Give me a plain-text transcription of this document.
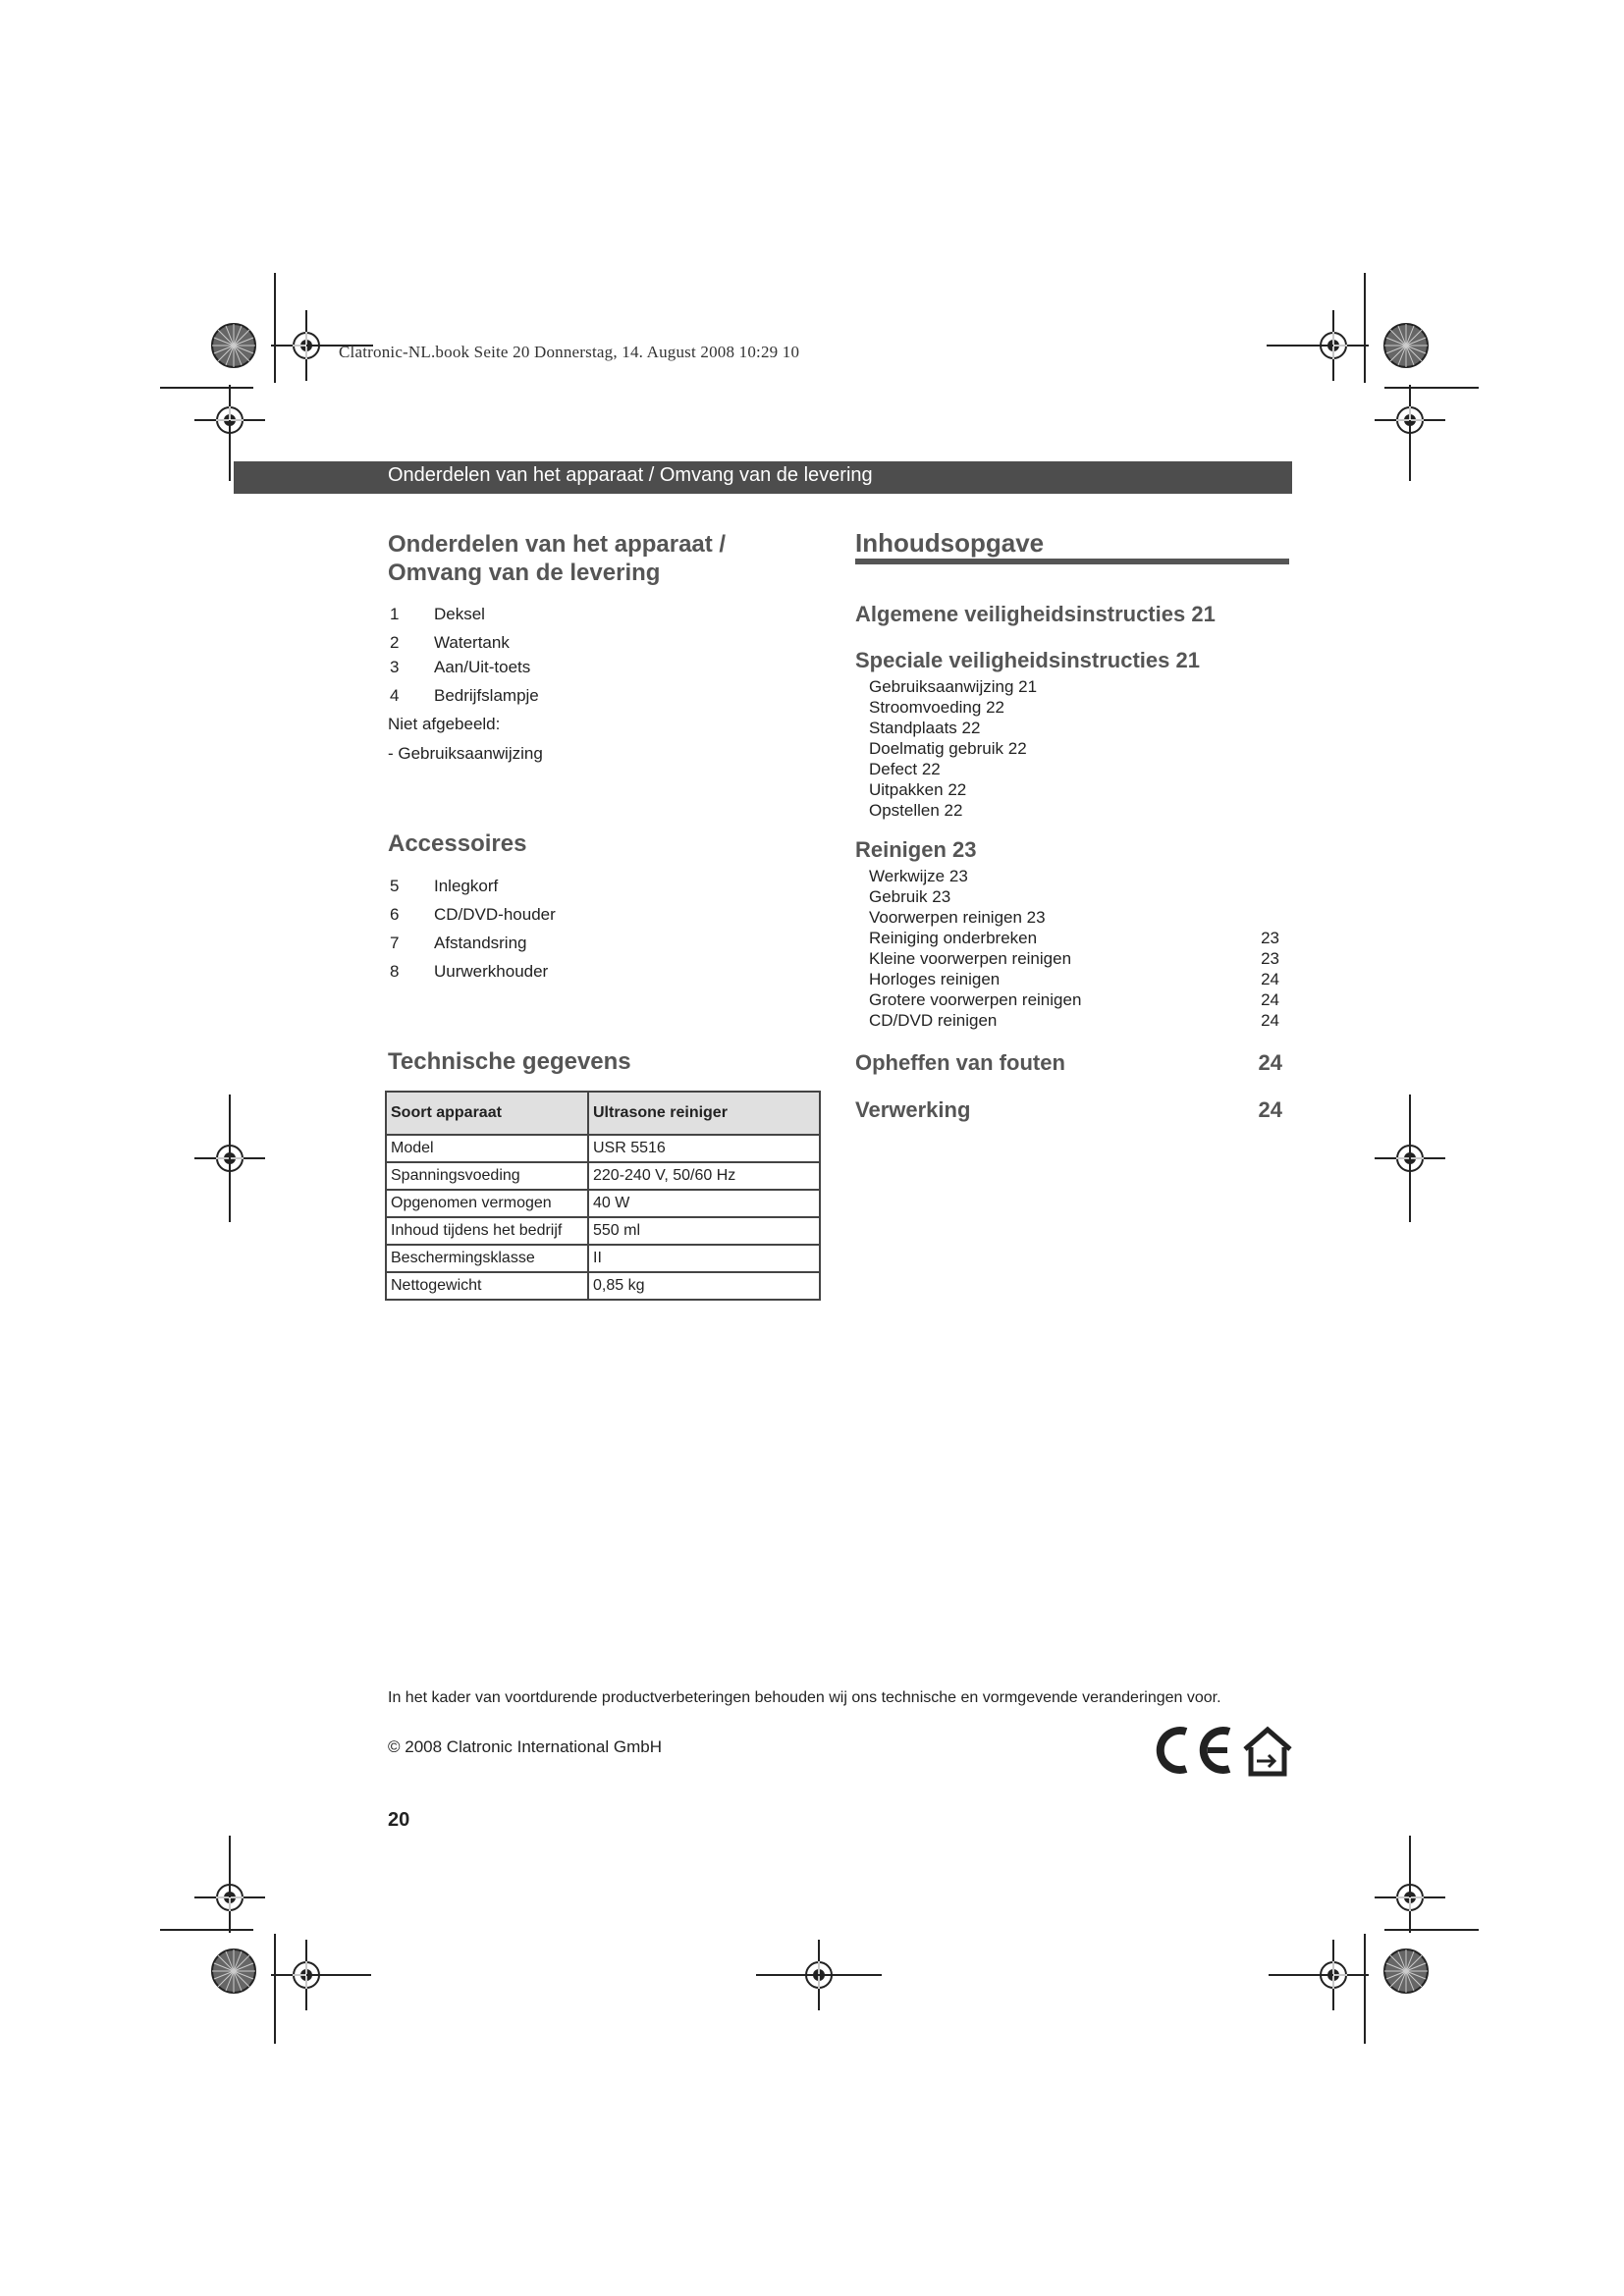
Clatronic-NL.book Seite 20 Donnerstag, 14. August 2008 10:29 10
Onderdelen van het apparaat / Omvang van de levering
Onderdelen van het apparaat /
Omvang van de levering
1 Deksel
2 Watertank
3 Aan/Uit-toets
4 Bedrijfslampje
Niet afgebeeld:
- Gebruiksaanwijzing
Accessoires
5 Inlegkorf
6 CD/DVD-houder
7 Afstandsring
8 Uurwerkhouder
Technische gegevens
Soort apparaat	Ultrasone reiniger
Model	USR 5516
Spanningsvoeding	220-240 V, 50/60 Hz
Opgenomen vermogen	40 W
Inhoud tijdens het bedrijf	550 ml
Beschermingsklasse	II
Nettogewicht	0,85 kg
Inhoudsopgave
Algemene veiligheidsinstructies 21
Speciale veiligheidsinstructies 21
Gebruiksaanwijzing 21
Stroomvoeding 22
Standplaats 22
Doelmatig gebruik 22
Defect 22
Uitpakken 22
Opstellen 22
Reinigen 23
Werkwijze 23
Gebruik 23
Voorwerpen reinigen 23
Reiniging onderbreken	23
Kleine voorwerpen reinigen	23
Horloges reinigen	24
Grotere voorwerpen reinigen	24
CD/DVD reinigen	24
Opheffen van fouten	24
Verwerking	24
In het kader van voortdurende productverbeteringen behouden wij ons technische en vormgevende veranderingen voor.
© 2008 Clatronic International GmbH
20
